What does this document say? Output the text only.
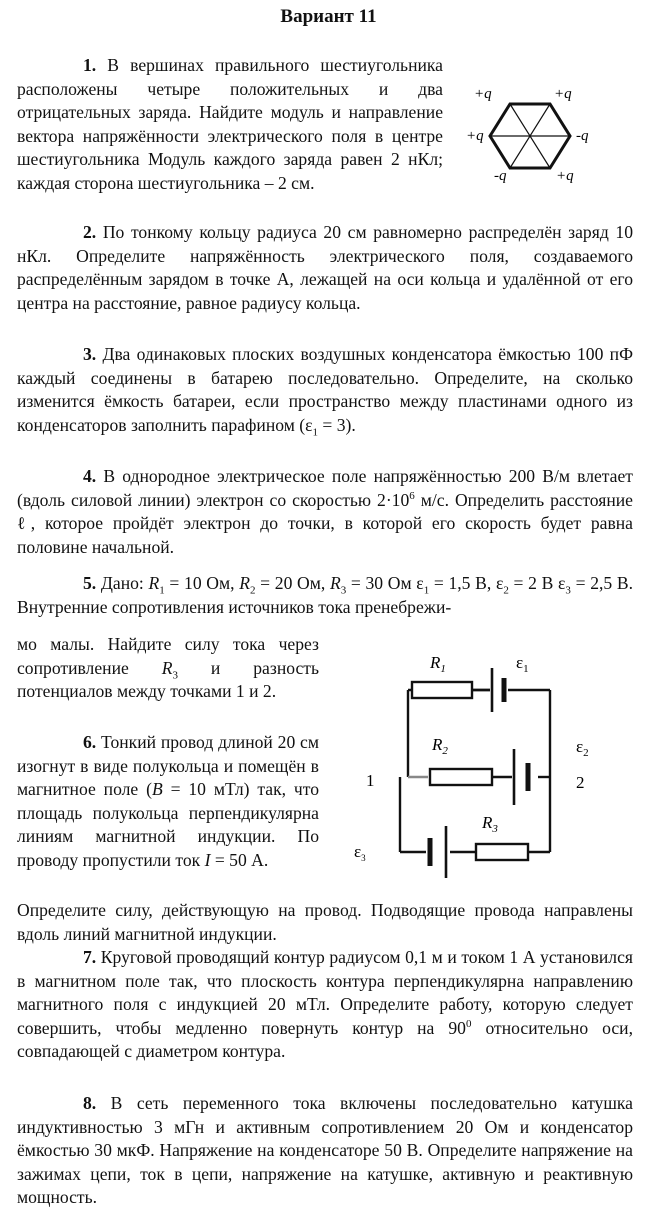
Вариант 11

1. В вершинах правильного шестиугольника расположены четыре положительных и два отрицательных заряда. Найдите модуль и направление вектора напряжённости электрического поля в центре шестиугольника Модуль каждого заряда равен 2 нКл; каждая сторона шестиугольника – 2 см.

+q	+q
+q	-q
-q	+q

2. По тонкому кольцу радиуса 20 см равномерно распределён заряд 10 нКл. Определите напряжённость электрического поля, создаваемого распределённым зарядом в точке А, лежащей на оси кольца и удалённой от его центра на расстояние, равное радиусу кольца.

3. Два одинаковых плоских воздушных конденсатора ёмкостью 100 пФ каждый соединены в батарею последовательно. Определите, на сколько изменится ёмкость батареи, если пространство между пластинами одного из конденсаторов заполнить парафином $(\varepsilon_1 = 3)$.

4. В однородное электрическое поле напряжённостью 200 В/м влетает (вдоль силовой линии) электрон со скоростью $2\cdot 10^6$ м/с. Определить расстояние ℓ, которое пройдёт электрон до точки, в которой его скорость будет равна половине начальной.

5. Дано: $R_1 = 10$ Ом, $R_2 = 20$ Ом, $R_3 = 30$ Ом $\varepsilon_1 = 1,5$ В, $\varepsilon_2 = 2$ В $\varepsilon_3 = 2,5$ В. Внутренние сопротивления источников тока пренебрежи-

мо малы. Найдите силу тока через сопротивление $R_3$ и разность потенциалов между точками 1 и 2.

$R_1$	$\varepsilon_1$
$R_2$	$\varepsilon_2$
$R_3$
$\varepsilon_3$
1	2

6. Тонкий провод длиной 20 см изогнут в виде полукольца и помещён в магнитное поле (B = 10 мТл) так, что площадь полукольца перпендикулярна линиям магнитной индукции. По проводу пропустили ток I = 50 А.

Определите силу, действующую на провод. Подводящие провода направлены вдоль линий магнитной индукции.

7. Круговой проводящий контур радиусом 0,1 м и током 1 А установился в магнитном поле так, что плоскость контура перпендикулярна направлению магнитного поля с индукцией 20 мТл. Определите работу, которую следует совершить, чтобы медленно повернуть контур на $90^0$ относительно оси, совпадающей с диаметром контура.

8. В сеть переменного тока включены последовательно катушка индуктивностью 3 мГн и активным сопротивлением 20 Ом и конденсатор ёмкостью 30 мкФ. Напряжение на конденсаторе 50 В. Определите напряжение на зажимах цепи, ток в цепи, напряжение на катушке, активную и реактивную мощность.
